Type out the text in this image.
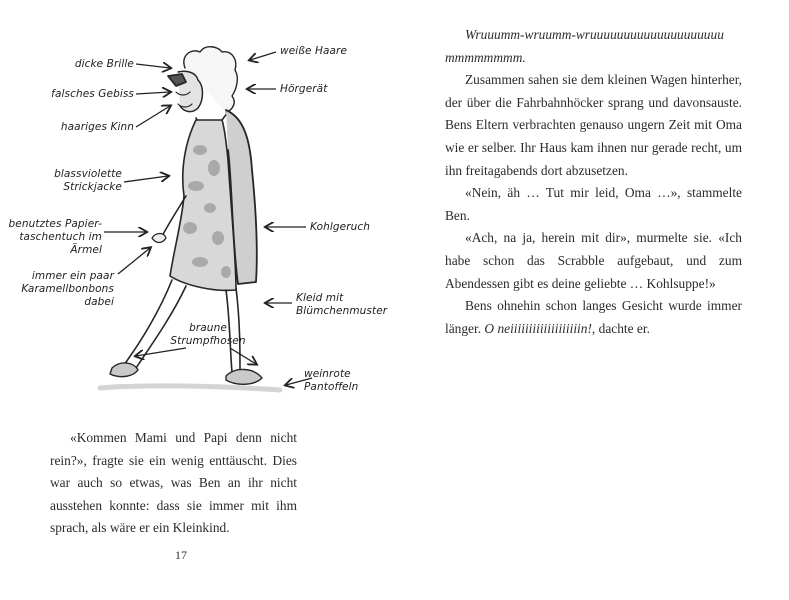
dicke Brille
falsches Gebiss
haariges Kinn
blassviolette
Strickjacke
benutztes Papier-
taschentuch im
Ärmel
immer ein paar
Karamellbonbons
dabei
weiße Haare
Hörgerät
Kohlgeruch
Kleid mit
Blümchenmuster
braune
Strumpfhosen
weinrote
Pantoffeln

«Kommen Mami und Papi denn nicht rein?», fragte sie ein wenig enttäuscht. Dies war auch so etwas, was Ben an ihr nicht ausstehen konnte: dass sie immer mit ihm sprach, als wäre er ein Kleinkind.

17

Wruuumm-wruumm-wruuuuuuuuuuuuuuuuuuuu mmmmmmmm.

Zusammen sahen sie dem kleinen Wagen hinterher, der über die Fahrbahnhöcker sprang und davonsauste. Bens Eltern verbrachten genauso ungern Zeit mit Oma wie er selber. Ihr Haus kam ihnen nur gerade recht, um ihn freitagabends dort abzusetzen.

«Nein, äh … Tut mir leid, Oma …», stammelte Ben.

«Ach, na ja, herein mit dir», murmelte sie. «Ich habe schon das Scrabble aufgebaut, und zum Abendessen gibt es deine geliebte … Kohlsuppe!»

Bens ohnehin schon langes Gesicht wurde immer länger. O neiiiiiiiiiiiiiiiiiiin!, dachte er.
